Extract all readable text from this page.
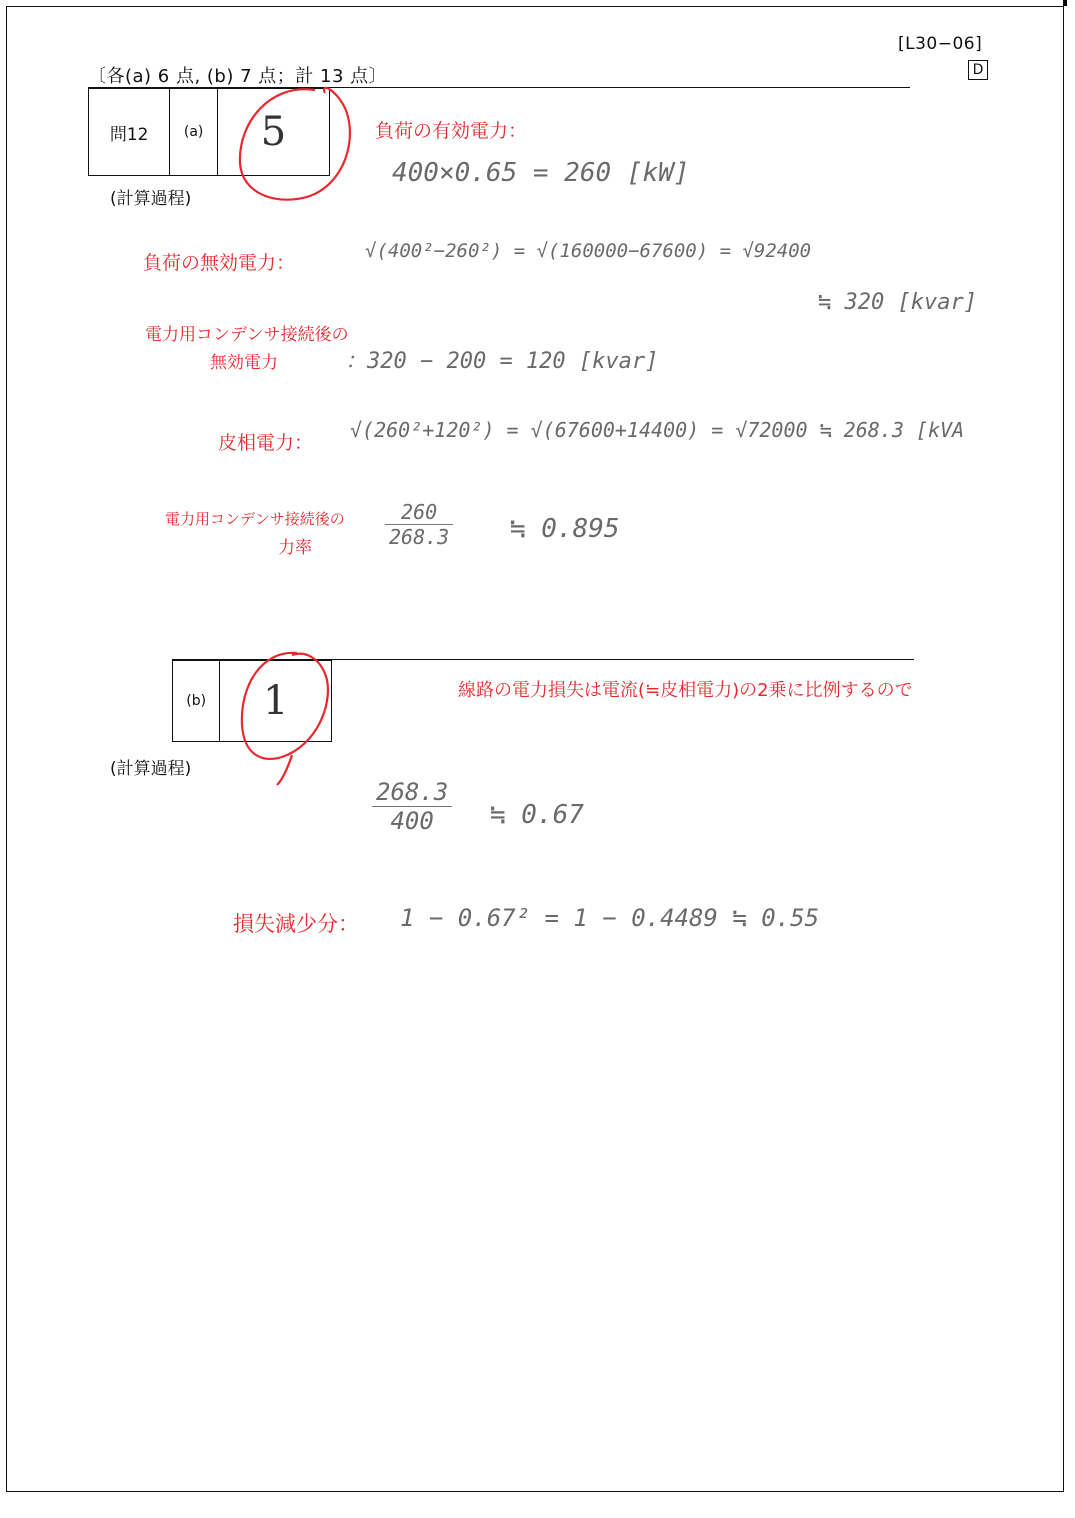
[L30−06]
D
〔各(a) 6 点, (b) 7 点；計 13 点〕
問12	(a)	5
(計算過程)
負荷の有効電力：
400×0.65 = 260 [kW]
負荷の無効電力：
√(400²−260²) = √(160000−67600) = √92400
≒ 320 [kvar]
電力用コンデンサ接続後の
無効電力	：320 − 200 = 120 [kvar]
皮相電力：
√(260²+120²) = √(67600+14400) = √72000 ≒ 268.3 [kVA
電力用コンデンサ接続後の
力率	$\frac{260}{268.3}$ ≒ 0.895
(b)	1
(計算過程)
線路の電力損失は電流(≒皮相電力)の2乗に比例するので
$\frac{268.3}{400}$ ≒ 0.67
損失減少分： 1 − 0.67² = 1 − 0.4489 ≒ 0.55
